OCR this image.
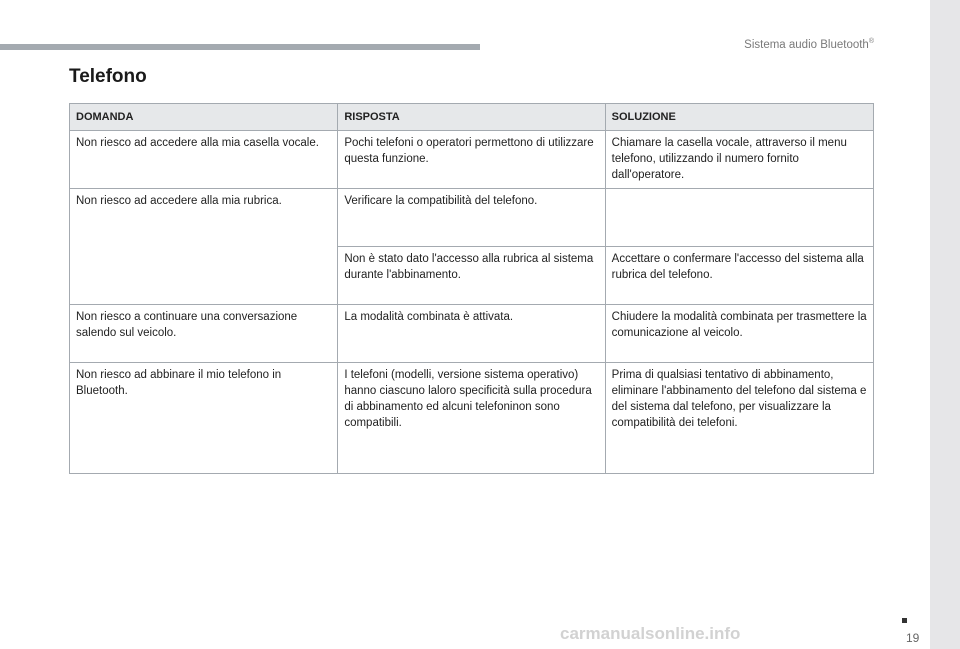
Sistema audio Bluetooth®
19
Telefono
DOMANDA	RISPOSTA	SOLUZIONE
Non riesco ad accedere alla mia casella vocale.	Pochi telefoni o operatori permettono di utilizzare questa funzione.	Chiamare la casella vocale, attraverso il menu telefono, utilizzando il numero fornito dall'operatore.
Non riesco ad accedere alla mia rubrica.	Verificare la compatibilità del telefono.	
	Non è stato dato l'accesso alla rubrica al sistema durante l'abbinamento.	Accettare o confermare l'accesso del sistema alla rubrica del telefono.
Non riesco a continuare una conversazione salendo sul veicolo.	La modalità combinata è attivata.	Chiudere la modalità combinata per trasmettere la comunicazione al veicolo.
Non riesco ad abbinare il mio telefono in Bluetooth.	I telefoni (modelli, versione sistema operativo) hanno ciascuno laloro specificità sulla procedura di abbinamento ed alcuni telefoninon sono compatibili.	Prima di qualsiasi tentativo di abbinamento, eliminare l'abbinamento del telefono dal sistema e del sistema dal telefono, per visualizzare la compatibilità dei telefoni.
carmanualsonline.info
